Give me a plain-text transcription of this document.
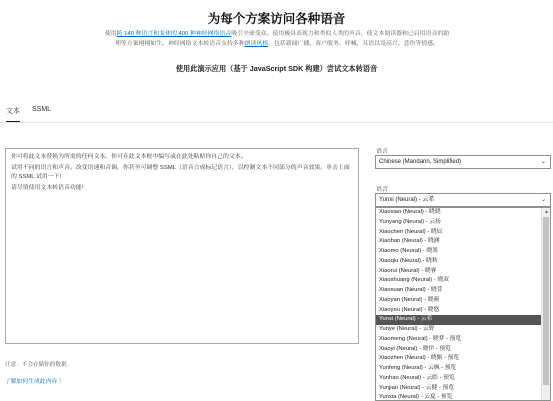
为每个方案访问各种语音
使用跨 140 种语言和变体的 400 种神经网络语音吸引全球受众。使用极具表现力和类似人类的声音，使文本阅读器和已启用语音的助理等方案栩栩如生。神经网络文本转语音支持多种朗读风格，包括新闻广播、客户服务、呼喊、耳语以及高兴、悲伤等情感。
使用此演示应用（基于 JavaScript SDK 构建）尝试文本转语音
文本 SSML

你可将此文本替换为所需的任何文本。你可在此文本框中编写或在此处粘贴你自己的文本。

试用不同的语言和声音。改变语速和音调。你甚至可调整 SSML（语音合成标记语言），以控制文本不同部分的声音效果。单击上面的 SSML 试用一下!

请尽情使用文本转语音功能!

注意：不会存储你的数据。
了解如何生成此内容 〉
语言
Chinese (Mandarin, Simplified)	⌄
语音
Yunxi (Neural) - 云希	⌄
Xiaoxiao (Neural) - 晓晓
Yunyang (Neural) - 云扬
Xiaochen (Neural) - 晓辰
Xiaohan (Neural) - 晓涵
Xiaomo (Neural) - 晓墨
Xiaoqiu (Neural) - 晓秋
Xiaorui (Neural) - 晓睿
Xiaoshuang (Neural) - 晓双
Xiaoxuan (Neural) - 晓萱
Xiaoyan (Neural) - 晓颜
Xiaoyou (Neural) - 晓悠
Yunxi (Neural) - 云希
Yunye (Neural) - 云野
Xiaomeng (Neural) - 晓梦 - 预览
Xiaoyi (Neural) - 晓伊 - 预览
Xiaozhen (Neural) - 晓甄 - 预览
Yunfeng (Neural) - 云枫 - 预览
Yunhao (Neural) - 云皓 - 预览
Yunjian (Neural) - 云健 - 预览
Yunxia (Neural) - 云夏 - 预览
▲
